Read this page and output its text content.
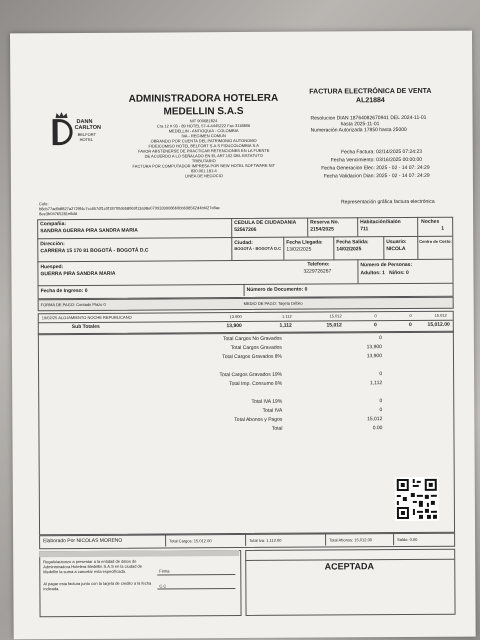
DANN
CARLTON
BELFORT
HOTEL
ADMINISTRADORA HOTELERA
MEDELLIN S.A.S
NIT 900681824
Cra 12 # 93 - 89 HOTEL 57-4-4445222 Fax 3118806
MEDELLIN - ANTIOQUIA - COLOMBIA
IVA - REGIMEN COMUN
OBRANDO POR CUENTA DEL PATRIMONIO AUTONOMO
FIDEICOMISO HOTEL BELFORT S.A.S FIDUCOLOMBIA S.A
FAVOR ABSTENERSE DE PRACTICAR RETENCIONES EN LA FUENTE
DE ACUERDO A LO SEÑALADO EN EL ART.102 DEL ESTATUTO
TRIBUTARIO
FACTURA POR COMPUTADOR IMPRESA POR NEW HOTEL SOFTWARE NIT
830.061.181-4
LINEA DE NEGOCIO
FACTURA ELECTRÓNICA DE VENTA
AL21884
Resolucion DIAN 18764082670941 DEL 2024-11-01
hasta 2025-11-01
Numeración Autorizada 17850 hasta 25000
Fecha Factura: 02/14/2025 07:24:23
Fecha Vencimiento: 03/16/2025 00:00:00
Fecha Generacion Elec: 2025 - 02 - 14 07: 24:29
Fecha Validacion Dian: 2025 - 02 - 14 07: 24:29
Cufe:
b8cb77ad9df827a2729f4c7cc657df1c0f18700d658069f13a98e07093399086b0bb698562d4bf427c8ac
8ee3b04765281e8dd
Representación gráfica factura electrónica
Compañia:
SANDRA GUERRA PIRA SANDRA MARIA
CEDULA DE CIUDADANIA
52567206
Reserva No.
2154/2025
Habitación/Salón
711
Noches
1
Dirección:
CARRERA 15 170 81 BOGOTÁ - BOGOTÁ D.C
Ciudad:
BOGOTÁ - BOGOTÁ D.C
Fecha Llegada:
13/02/2025
Fecha Salida:
14/02/2025
Usuario:
NICOLA
Centro de Costo:
Telefono:
3229726267
Huesped:
GUERRA PIRA SANDRA MARIA
Número de Personas:
Adultos: 1 Niños: 0
Fecha de Ingreso: 0	Número de Documento: 0
FORMA DE PAGO: Contado Plazo 0	MEDIO DE PAGO: Tarjeta Débito
19/02/25 ALOJAMIENTO NOCHE REPUBLICANO	13.900	1.112	15.012	0	0	15.012
Sub Totales	13,900	1,112	15,012	0	0	15,012.00
Total Cargos No Gravados	0
Total Cargos Gravados	13,900
Total Cargos Gravados 8%	13,900
Total Cargos Gravados 19%	0
Total Imp. Consumo 8%	1,112
Total IVA 19%	0
Total IVA	0
Total Abonos y Pagos	15,012
Total	0.00
Elaborado Por NICOLAS MORENO	Total Cargos: 15,012.00	Total Iva: 1,112.00	Total Abonos: 15,012.00	Saldo: 0.00
Regalo/autorizo a presentar a la entidad de datos de
Administradora Hotelera Medellin S.A.S en la ciudad de
Medellin la suma a cancelar esta especificada.	Firma
Al pagar esta factura junto con la tarjeta de credito a la fecha
indicada.
C.C
ACEPTADA
